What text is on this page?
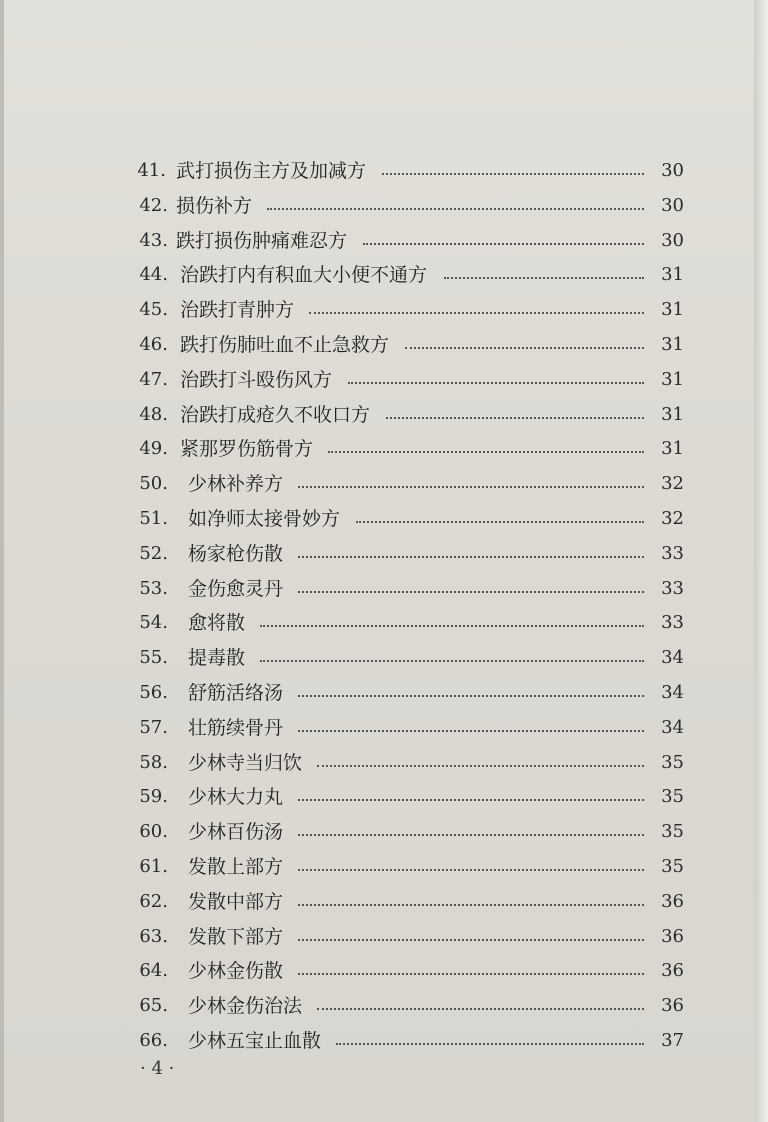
41. 武打损伤主方及加减方	30
42. 损伤补方	30
43. 跌打损伤肿痛难忍方	30
44. 治跌打内有积血大小便不通方	31
45. 治跌打青肿方	31
46. 跌打伤肺吐血不止急救方	31
47. 治跌打斗殴伤风方	31
48. 治跌打成疮久不收口方	31
49. 紧那罗伤筋骨方	31
50. 少林补养方	32
51. 如净师太接骨妙方	32
52. 杨家枪伤散	33
53. 金伤愈灵丹	33
54. 愈将散	33
55. 提毒散	34
56. 舒筋活络汤	34
57. 壮筋续骨丹	34
58. 少林寺当归饮	35
59. 少林大力丸	35
60. 少林百伤汤	35
61. 发散上部方	35
62. 发散中部方	36
63. 发散下部方	36
64. 少林金伤散	36
65. 少林金伤治法	36
66. 少林五宝止血散	37
· 4 ·
